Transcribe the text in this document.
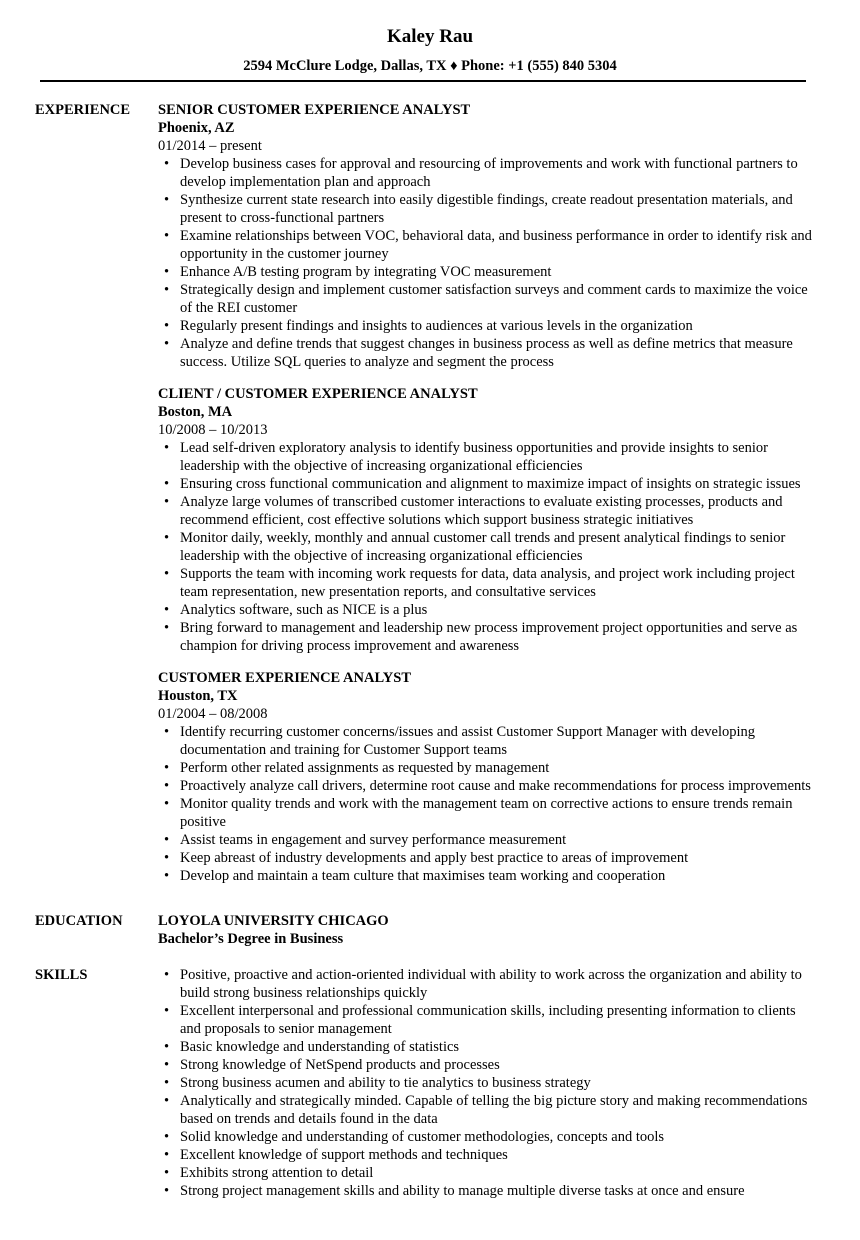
Kaley Rau
2594 McClure Lodge, Dallas, TX ♦ Phone: +1 (555) 840 5304
EXPERIENCE SENIOR CUSTOMER EXPERIENCE ANALYST
Phoenix, AZ
01/2014 – present
• Develop business cases for approval and resourcing of improvements and work with functional partners to develop implementation plan and approach
• Synthesize current state research into easily digestible findings, create readout presentation materials, and present to cross-functional partners
• Examine relationships between VOC, behavioral data, and business performance in order to identify risk and opportunity in the customer journey
• Enhance A/B testing program by integrating VOC measurement
• Strategically design and implement customer satisfaction surveys and comment cards to maximize the voice of the REI customer
• Regularly present findings and insights to audiences at various levels in the organization
• Analyze and define trends that suggest changes in business process as well as define metrics that measure success. Utilize SQL queries to analyze and segment the process
CLIENT / CUSTOMER EXPERIENCE ANALYST
Boston, MA
10/2008 – 10/2013
• Lead self-driven exploratory analysis to identify business opportunities and provide insights to senior leadership with the objective of increasing organizational efficiencies
• Ensuring cross functional communication and alignment to maximize impact of insights on strategic issues
• Analyze large volumes of transcribed customer interactions to evaluate existing processes, products and recommend efficient, cost effective solutions which support business strategic initiatives
• Monitor daily, weekly, monthly and annual customer call trends and present analytical findings to senior leadership with the objective of increasing organizational efficiencies
• Supports the team with incoming work requests for data, data analysis, and project work including project team representation, new presentation reports, and consultative services
• Analytics software, such as NICE is a plus
• Bring forward to management and leadership new process improvement project opportunities and serve as champion for driving process improvement and awareness
CUSTOMER EXPERIENCE ANALYST
Houston, TX
01/2004 – 08/2008
• Identify recurring customer concerns/issues and assist Customer Support Manager with developing documentation and training for Customer Support teams
• Perform other related assignments as requested by management
• Proactively analyze call drivers, determine root cause and make recommendations for process improvements
• Monitor quality trends and work with the management team on corrective actions to ensure trends remain positive
• Assist teams in engagement and survey performance measurement
• Keep abreast of industry developments and apply best practice to areas of improvement
• Develop and maintain a team culture that maximises team working and cooperation
EDUCATION LOYOLA UNIVERSITY CHICAGO
Bachelor’s Degree in Business
SKILLS
•	Positive, proactive and action-oriented individual with ability to work across the organization and ability to build strong business relationships quickly
• Excellent interpersonal and professional communication skills, including presenting information to clients and proposals to senior management
• Basic knowledge and understanding of statistics
• Strong knowledge of NetSpend products and processes
• Strong business acumen and ability to tie analytics to business strategy
• Analytically and strategically minded. Capable of telling the big picture story and making recommendations based on trends and details found in the data
• Solid knowledge and understanding of customer methodologies, concepts and tools
• Excellent knowledge of support methods and techniques
• Exhibits strong attention to detail
• Strong project management skills and ability to manage multiple diverse tasks at once and ensure
